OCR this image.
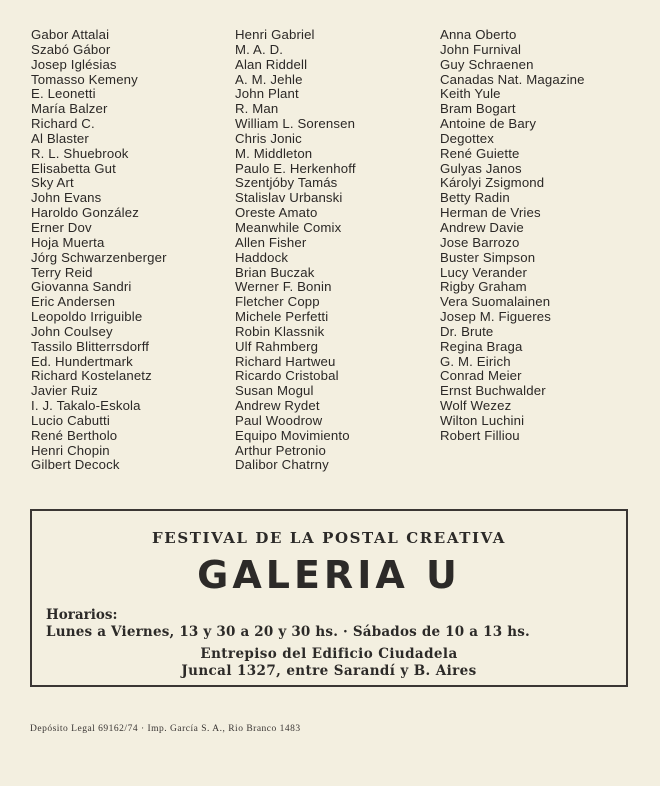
Gabor Attalai
Szabó Gábor
Josep Iglésias
Tomasso Kemeny
E. Leonetti
María Balzer
Richard C.
Al Blaster
R. L. Shuebrook
Elisabetta Gut
Sky Art
John Evans
Haroldo González
Erner Dov
Hoja Muerta
Jórg Schwarzenberger
Terry Reid
Giovanna Sandri
Eric Andersen
Leopoldo Irriguible
John Coulsey
Tassilo Blitterrsdorff
Ed. Hundertmark
Richard Kostelanetz
Javier Ruiz
I. J. Takalo-Eskola
Lucio Cabutti
René Bertholo
Henri Chopin
Gilbert Decock
Henri Gabriel
M. A. D.
Alan Riddell
A. M. Jehle
John Plant
R. Man
William L. Sorensen
Chris Jonic
M. Middleton
Paulo E. Herkenhoff
Szentjóby Tamás
Stalislav Urbanski
Oreste Amato
Meanwhile Comix
Allen Fisher
Haddock
Brian Buczak
Werner F. Bonin
Fletcher Copp
Michele Perfetti
Robin Klassnik
Ulf Rahmberg
Richard Hartweu
Ricardo Cristobal
Susan Mogul
Andrew Rydet
Paul Woodrow
Equipo Movimiento
Arthur Petronio
Dalibor Chatrny
Anna Oberto
John Furnival
Guy Schraenen
Canadas Nat. Magazine
Keith Yule
Bram Bogart
Antoine de Bary
Degottex
René Guiette
Gulyas Janos
Károlyi Zsigmond
Betty Radin
Herman de Vries
Andrew Davie
Jose Barrozo
Buster Simpson
Lucy Verander
Rigby Graham
Vera Suomalainen
Josep M. Figueres
Dr. Brute
Regina Braga
G. M. Eirich
Conrad Meier
Ernst Buchwalder
Wolf Wezez
Wilton Luchini
Robert Filliou
FESTIVAL DE LA POSTAL CREATIVA
GALERIA U
Horarios:
Lunes a Viernes, 13 y 30 a 20 y 30 hs. · Sábados de 10 a 13 hs.
Entrepiso del Edificio Ciudadela
Juncal 1327, entre Sarandí y B. Aires
Depósito Legal 69162/74 · Imp. García S. A., Rio Branco 1483
